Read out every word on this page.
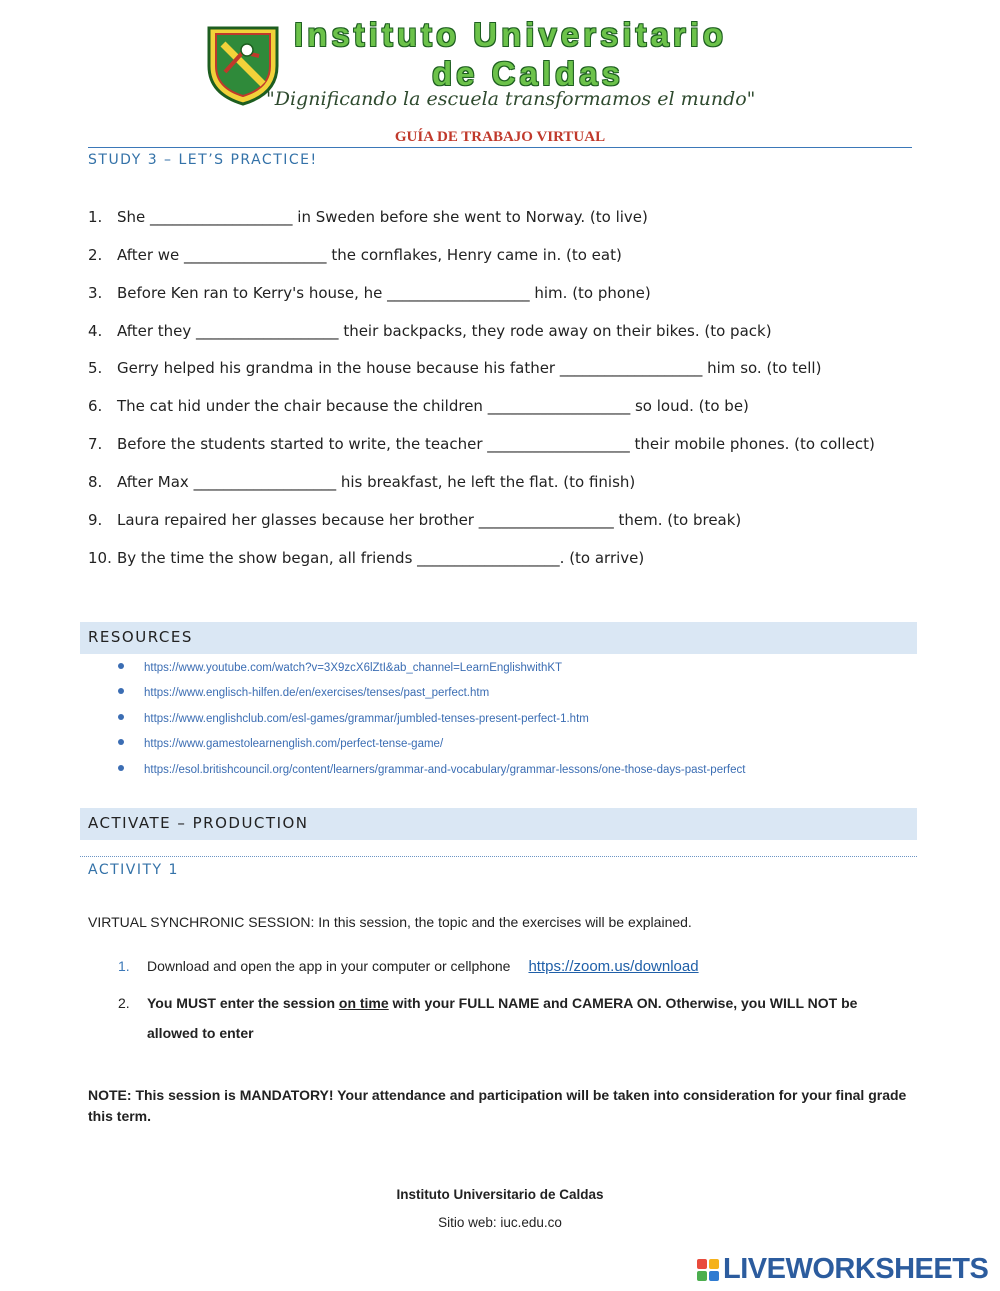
Instituto Universitario
de Caldas
"Dignificando la escuela transformamos el mundo"
GUÍA DE TRABAJO VIRTUAL
STUDY 3 – LET’S PRACTICE!
1. She ___________________ in Sweden before she went to Norway. (to live)
2. After we ___________________ the cornflakes, Henry came in. (to eat)
3. Before Ken ran to Kerry's house, he ___________________ him. (to phone)
4. After they ___________________ their backpacks, they rode away on their bikes. (to pack)
5. Gerry helped his grandma in the house because his father ___________________ him so. (to tell)
6. The cat hid under the chair because the children ___________________ so loud. (to be)
7. Before the students started to write, the teacher ___________________ their mobile phones. (to collect)
8. After Max ___________________ his breakfast, he left the flat. (to finish)
9. Laura repaired her glasses because her brother __________________ them. (to break)
10. By the time the show began, all friends ___________________. (to arrive)
RESOURCES
https://www.youtube.com/watch?v=3X9zcX6lZtI&ab_channel=LearnEnglishwithKT
https://www.englisch-hilfen.de/en/exercises/tenses/past_perfect.htm
https://www.englishclub.com/esl-games/grammar/jumbled-tenses-present-perfect-1.htm
https://www.gamestolearnenglish.com/perfect-tense-game/
https://esol.britishcouncil.org/content/learners/grammar-and-vocabulary/grammar-lessons/one-those-days-past-perfect
ACTIVATE – PRODUCTION
ACTIVITY 1
VIRTUAL SYNCHRONIC SESSION: In this session, the topic and the exercises will be explained.
1. Download and open the app in your computer or cellphone https://zoom.us/download
2. You MUST enter the session on time with your FULL NAME and CAMERA ON. Otherwise, you WILL NOT be
allowed to enter
NOTE: This session is MANDATORY! Your attendance and participation will be taken into consideration for your final grade this term.
Instituto Universitario de Caldas
Sitio web: iuc.edu.co
LIVEWORKSHEETS
